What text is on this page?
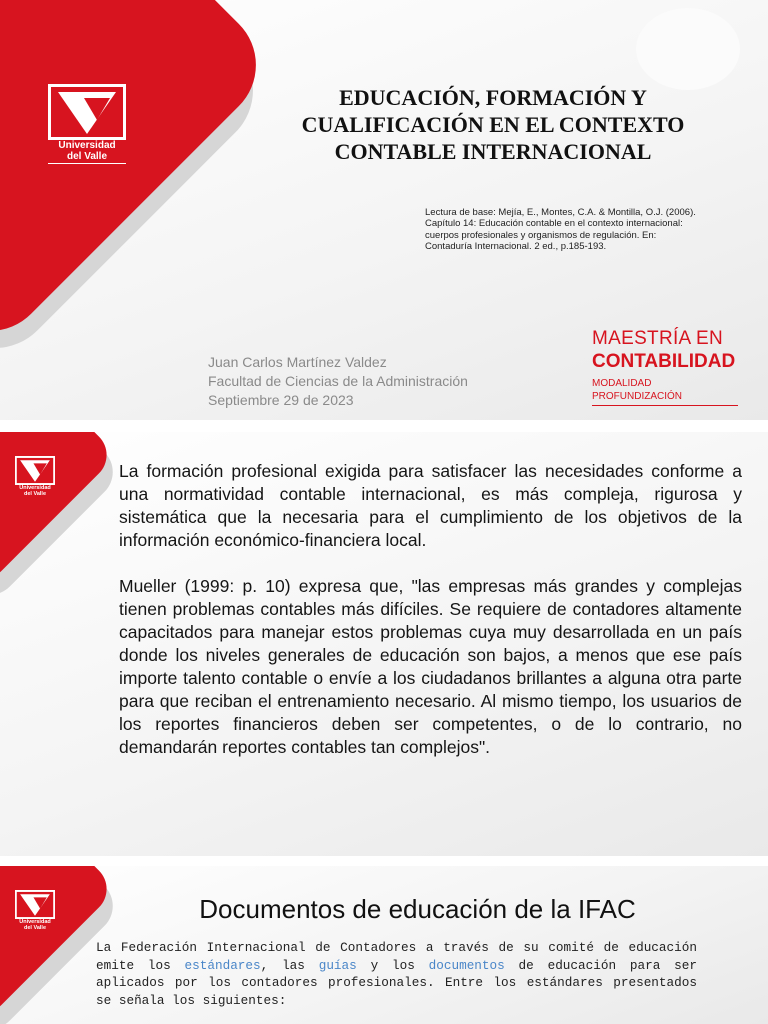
Universidad
del Valle
EDUCACIÓN, FORMACIÓN Y
CUALIFICACIÓN EN EL CONTEXTO
CONTABLE INTERNACIONAL
Lectura de base: Mejía, E., Montes, C.A. & Montilla, O.J. (2006).
Capítulo 14: Educación contable en el contexto internacional:
cuerpos profesionales y organismos de regulación. En:
Contaduría Internacional. 2 ed., p.185-193.
Juan Carlos Martínez Valdez
Facultad de Ciencias de la Administración
Septiembre 29 de 2023
MAESTRÍA EN
CONTABILIDAD
MODALIDAD PROFUNDIZACIÓN
Universidad
del Valle

La formación profesional exigida para satisfacer las necesidades conforme a una normatividad contable internacional, es más compleja, rigurosa y sistemática que la necesaria para el cumplimiento de los objetivos de la información económico-financiera local.

Mueller (1999: p. 10) expresa que, "las empresas más grandes y complejas tienen problemas contables más difíciles. Se requiere de contadores altamente capacitados para manejar estos problemas cuya muy desarrollada en un país donde los niveles generales de educación son bajos, a menos que ese país importe talento contable o envíe a los ciudadanos brillantes a alguna otra parte para que reciban el entrenamiento necesario. Al mismo tiempo, los usuarios de los reportes financieros deben ser competentes, o de lo contrario, no demandarán reportes contables tan complejos".

Universidad
del Valle
Documentos de educación de la IFAC
La Federación Internacional de Contadores a través de su comité de educación emite los estándares, las guías y los documentos de educación para ser aplicados por los contadores profesionales. Entre los estándares presentados se señala los siguientes:
